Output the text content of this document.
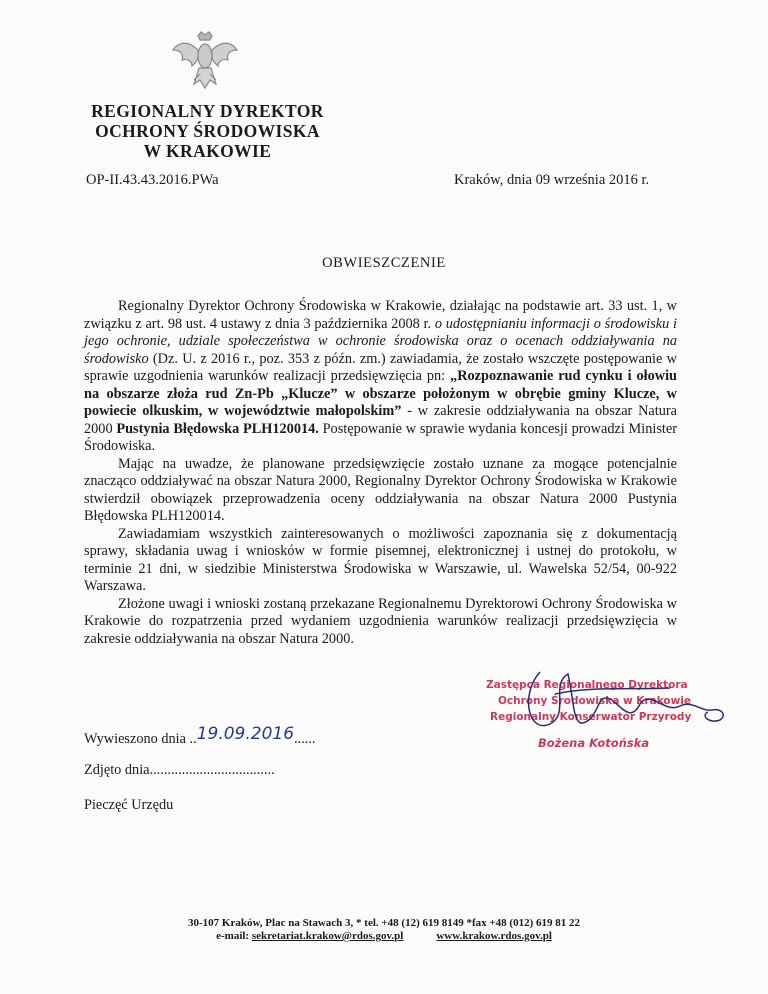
REGIONALNY DYREKTOR
OCHRONY ŚRODOWISKA
W KRAKOWIE
OP-II.43.43.2016.PWa	Kraków, dnia 09 września 2016 r.
OBWIESZCZENIE

Regionalny Dyrektor Ochrony Środowiska w Krakowie, działając na podstawie art. 33 ust. 1, w związku z art. 98 ust. 4 ustawy z dnia 3 października 2008 r. o udostępnianiu informacji o środowisku i jego ochronie, udziale społeczeństwa w ochronie środowiska oraz o ocenach oddziaływania na środowisko (Dz. U. z 2016 r., poz. 353 z późn. zm.) zawiadamia, że zostało wszczęte postępowanie w sprawie uzgodnienia warunków realizacji przedsięwzięcia pn: „Rozpoznawanie rud cynku i ołowiu na obszarze złoża rud Zn-Pb „Klucze” w obszarze położonym w obrębie gminy Klucze, w powiecie olkuskim, w województwie małopolskim” - w zakresie oddziaływania na obszar Natura 2000 Pustynia Błędowska PLH120014. Postępowanie w sprawie wydania koncesji prowadzi Minister Środowiska.

Mając na uwadze, że planowane przedsięwzięcie zostało uznane za mogące potencjalnie znacząco oddziaływać na obszar Natura 2000, Regionalny Dyrektor Ochrony Środowiska w Krakowie stwierdził obowiązek przeprowadzenia oceny oddziaływania na obszar Natura 2000 Pustynia Błędowska PLH120014.

Zawiadamiam wszystkich zainteresowanych o możliwości zapoznania się z dokumentacją sprawy, składania uwag i wniosków w formie pisemnej, elektronicznej i ustnej do protokołu, w terminie 21 dni, w siedzibie Ministerstwa Środowiska w Warszawie, ul. Wawelska 52/54, 00-922 Warszawa.

Złożone uwagi i wnioski zostaną przekazane Regionalnemu Dyrektorowi Ochrony Środowiska w Krakowie do rozpatrzenia przed wydaniem uzgodnienia warunków realizacji przedsięwzięcia w zakresie oddziaływania na obszar Natura 2000.

Zastępca Regionalnego Dyrektora
Ochrony Środowiska w Krakowie
Regionalny Konserwator Przyrody
Bożena Kotońska
Wywieszono dnia ..19.09.2016......
Zdjęto dnia...................................
Pieczęć Urzędu
30-107 Kraków, Plac na Stawach 3, * tel. +48 (12) 619 8149 *fax +48 (012) 619 81 22
e-mail: sekretariat.krakow@rdos.gov.pl	www.krakow.rdos.gov.pl
